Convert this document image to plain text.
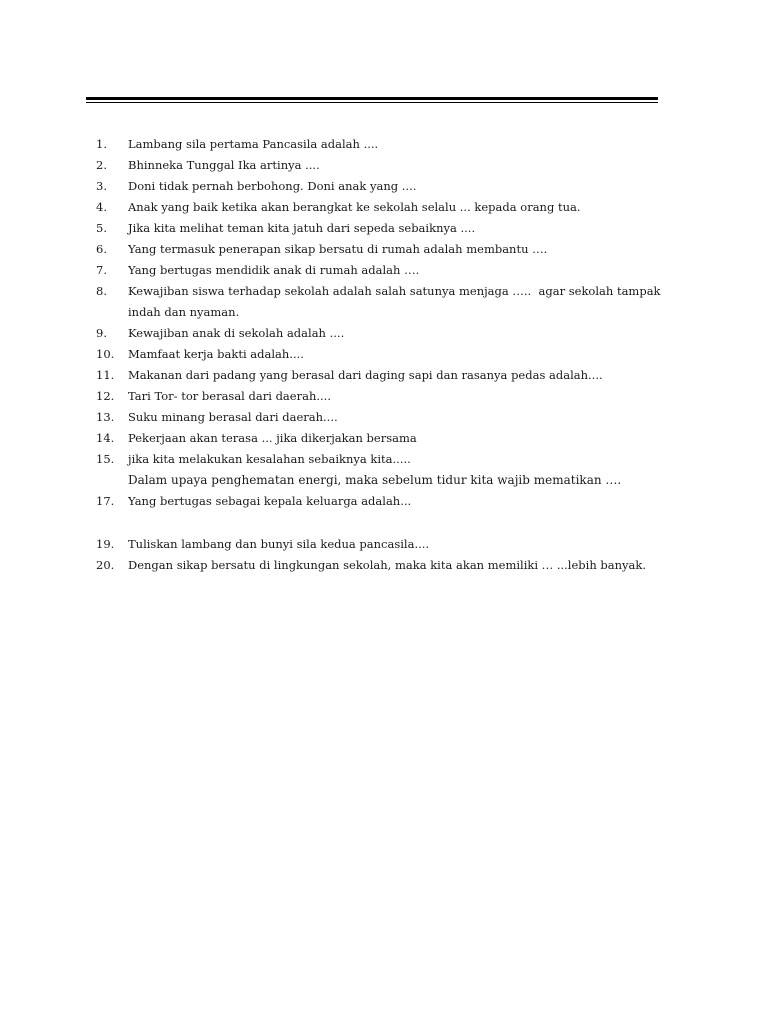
1.	Lambang sila pertama Pancasila adalah ....
2.	Bhinneka Tunggal Ika artinya ....
3.	Doni tidak pernah berbohong. Doni anak yang ....
4.	Anak yang baik ketika akan berangkat ke sekolah selalu ... kepada orang tua.
5.	Jika kita melihat teman kita jatuh dari sepeda sebaiknya ....
6.	Yang termasuk penerapan sikap bersatu di rumah adalah membantu ….
7.	Yang bertugas mendidik anak di rumah adalah ….
8.	Kewajiban siswa terhadap sekolah adalah salah satunya menjaga …..  agar sekolah tampak indah dan nyaman.
9.	Kewajiban anak di sekolah adalah ....
10.	Mamfaat kerja bakti adalah....
11.	Makanan dari padang yang berasal dari daging sapi dan rasanya pedas adalah....
12.	Tari Tor- tor berasal dari daerah....
13.	Suku minang berasal dari daerah....
14.	Pekerjaan akan terasa ... jika dikerjakan bersama
15.	jika kita melakukan kesalahan sebaiknya kita.....
Dalam upaya penghematan energi, maka sebelum tidur kita wajib mematikan ….
17.	Yang bertugas sebagai kepala keluarga adalah...
19.	Tuliskan lambang dan bunyi sila kedua pancasila....
20.	Dengan sikap bersatu di lingkungan sekolah, maka kita akan memiliki … ...lebih banyak.
